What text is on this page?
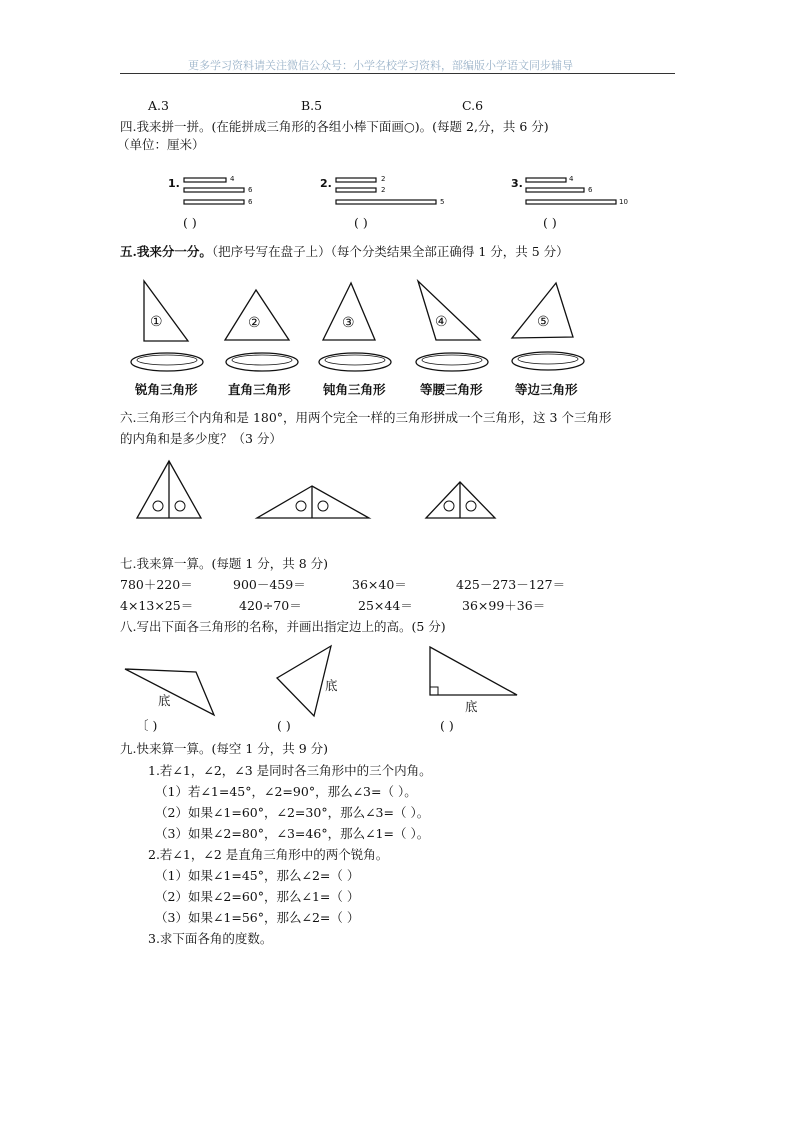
更多学习资料请关注微信公众号：小学名校学习资料，部编版小学语文同步辅导
A.3	B.5	C.6
四.我来拼一拼。(在能拼成三角形的各组小棒下面画○)。(每题 2,分，共 6 分)
（单位：厘米）
1.	4
6
6
( )
2.	2
2
5
( )
3.	4
6
10
( )
五.我来分一分。（把序号写在盘子上）（每个分类结果全部正确得 1 分，共 5 分）
①	②	③	④	⑤
锐角三角形 直角三角形	钝角三角形	等腰三角形	等边三角形
六.三角形三个内角和是 180°，用两个完全一样的三角形拼成一个三角形，这 3 个三角形
的内角和是多少度？（3 分）
七.我来算一算。(每题 1 分，共 8 分)
780＋220＝	900－459＝	36×40＝	425－273－127＝
4×13×25＝	420÷70＝	25×44＝	36×99＋36＝
八.写出下面各三角形的名称，并画出指定边上的高。(5 分)
底
底
底
〔 )	( )	( )
九.快来算一算。(每空 1 分，共 9 分)
1.若∠1，∠2，∠3 是同时各三角形中的三个内角。
（1）若∠1=45°，∠2=90°，那么∠3=（ ）。
（2）如果∠1=60°，∠2=30°，那么∠3=（ ）。
（3）如果∠2=80°，∠3=46°，那么∠1=（ ）。
2.若∠1，∠2 是直角三角形中的两个锐角。
（1）如果∠1=45°，那么∠2=（ ）
（2）如果∠2=60°，那么∠1=（ ）
（3）如果∠1=56°，那么∠2=（ ）
3.求下面各角的度数。
